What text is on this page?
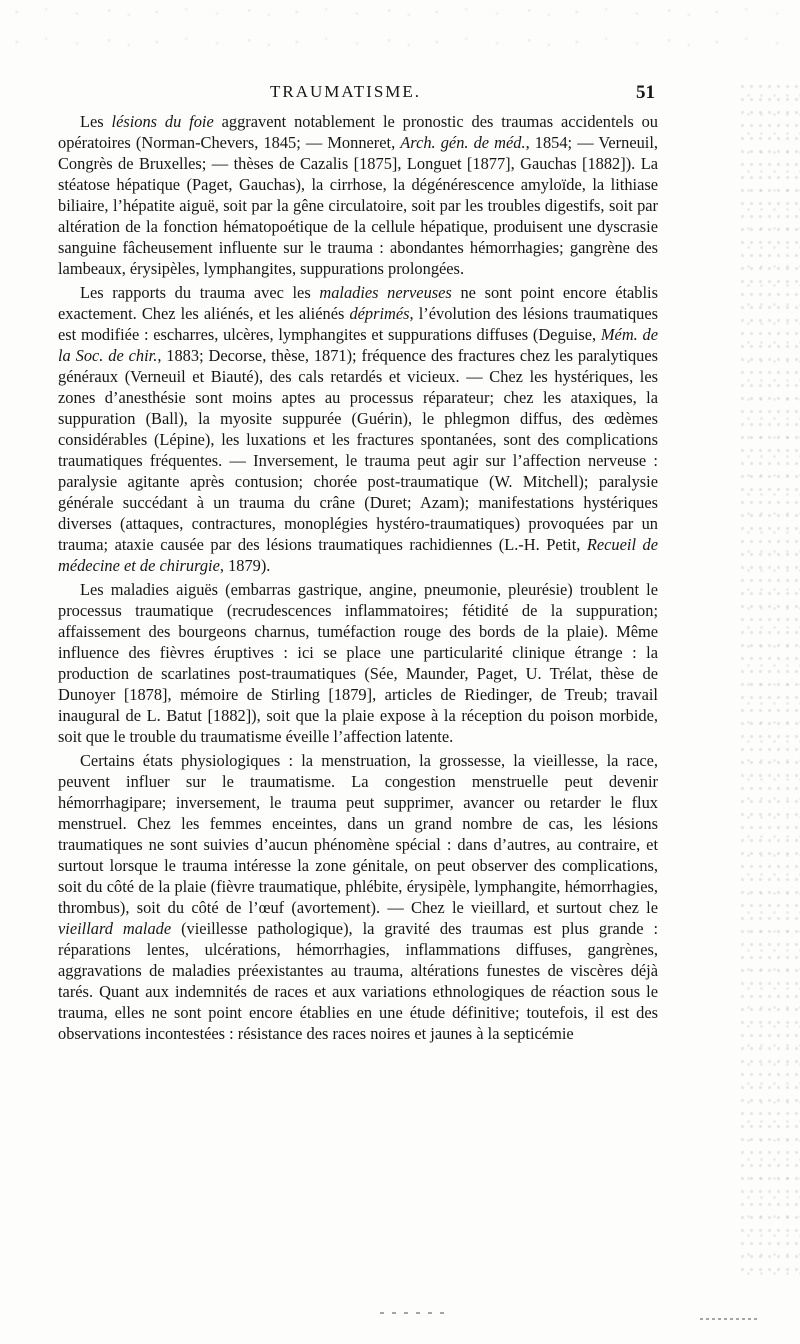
TRAUMATISME.	51

Les lésions du foie aggravent notablement le pronostic des traumas accidentels ou opératoires (Norman-Chevers, 1845; — Monneret, Arch. gén. de méd., 1854; — Verneuil, Congrès de Bruxelles; — thèses de Cazalis [1875], Longuet [1877], Gauchas [1882]). La stéatose hépatique (Paget, Gauchas), la cirrhose, la dégénérescence amyloïde, la lithiase biliaire, l’hépatite aiguë, soit par la gêne circulatoire, soit par les troubles digestifs, soit par altération de la fonction hématopoétique de la cellule hépatique, produisent une dyscrasie sanguine fâcheusement influente sur le trauma : abondantes hémorrhagies; gangrène des lambeaux, érysipèles, lymphangites, suppurations prolongées.

Les rapports du trauma avec les maladies nerveuses ne sont point encore établis exactement. Chez les aliénés, et les aliénés déprimés, l’évolution des lésions traumatiques est modifiée : escharres, ulcères, lymphangites et suppurations diffuses (Deguise, Mém. de la Soc. de chir., 1883; Decorse, thèse, 1871); fréquence des fractures chez les paralytiques généraux (Verneuil et Biauté), des cals retardés et vicieux. — Chez les hystériques, les zones d’anesthésie sont moins aptes au processus réparateur; chez les ataxiques, la suppuration (Ball), la myosite suppurée (Guérin), le phlegmon diffus, des œdèmes considérables (Lépine), les luxations et les fractures spontanées, sont des complications traumatiques fréquentes. — Inversement, le trauma peut agir sur l’affection nerveuse : paralysie agitante après contusion; chorée post-traumatique (W. Mitchell); paralysie générale succédant à un trauma du crâne (Duret; Azam); manifestations hystériques diverses (attaques, contractures, monoplégies hystéro-traumatiques) provoquées par un trauma; ataxie causée par des lésions traumatiques rachidiennes (L.-H. Petit, Recueil de médecine et de chirurgie, 1879).

Les maladies aiguës (embarras gastrique, angine, pneumonie, pleurésie) troublent le processus traumatique (recrudescences inflammatoires; fétidité de la suppuration; affaissement des bourgeons charnus, tuméfaction rouge des bords de la plaie). Même influence des fièvres éruptives : ici se place une particularité clinique étrange : la production de scarlatines post-traumatiques (Sée, Maunder, Paget, U. Trélat, thèse de Dunoyer [1878], mémoire de Stirling [1879], articles de Riedinger, de Treub; travail inaugural de L. Batut [1882]), soit que la plaie expose à la réception du poison morbide, soit que le trouble du traumatisme éveille l’affection latente.

Certains états physiologiques : la menstruation, la grossesse, la vieillesse, la race, peuvent influer sur le traumatisme. La congestion menstruelle peut devenir hémorrhagipare; inversement, le trauma peut supprimer, avancer ou retarder le flux menstruel. Chez les femmes enceintes, dans un grand nombre de cas, les lésions traumatiques ne sont suivies d’aucun phénomène spécial : dans d’autres, au contraire, et surtout lorsque le trauma intéresse la zone génitale, on peut observer des complications, soit du côté de la plaie (fièvre traumatique, phlébite, érysipèle, lymphangite, hémorrhagies, thrombus), soit du côté de l’œuf (avortement). — Chez le vieillard, et surtout chez le vieillard malade (vieillesse pathologique), la gravité des traumas est plus grande : réparations lentes, ulcérations, hémorrhagies, inflammations diffuses, gangrènes, aggravations de maladies préexistantes au trauma, altérations funestes de viscères déjà tarés. Quant aux indemnités de races et aux variations ethnologiques de réaction sous le trauma, elles ne sont point encore établies en une étude définitive; toutefois, il est des observations incontestées : résistance des races noires et jaunes à la septicémie
